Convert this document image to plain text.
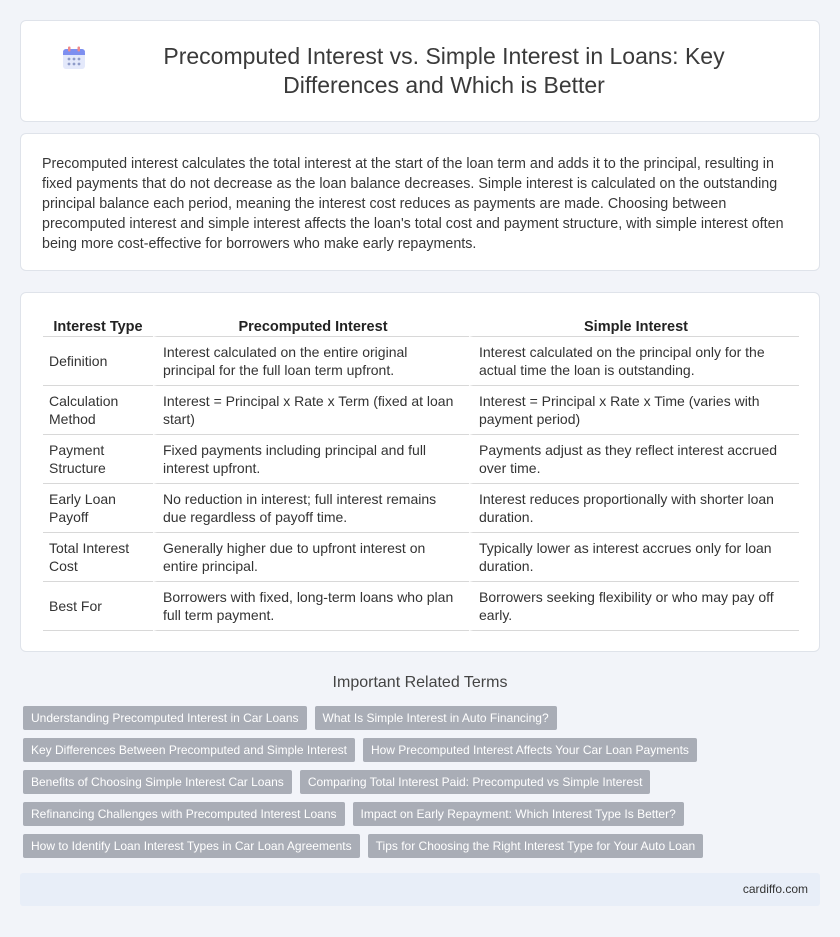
Precomputed Interest vs. Simple Interest in Loans: Key Differences and Which is Better

Precomputed interest calculates the total interest at the start of the loan term and adds it to the principal, resulting in fixed payments that do not decrease as the loan balance decreases. Simple interest is calculated on the outstanding principal balance each period, meaning the interest cost reduces as payments are made. Choosing between precomputed interest and simple interest affects the loan's total cost and payment structure, with simple interest often being more cost-effective for borrowers who make early repayments.

Interest Type	Precomputed Interest	Simple Interest
Definition	Interest calculated on the entire original principal for the full loan term upfront.	Interest calculated on the principal only for the actual time the loan is outstanding.
Calculation Method	Interest = Principal x Rate x Term (fixed at loan start)	Interest = Principal x Rate x Time (varies with payment period)
Payment Structure	Fixed payments including principal and full interest upfront.	Payments adjust as they reflect interest accrued over time.
Early Loan Payoff	No reduction in interest; full interest remains due regardless of payoff time.	Interest reduces proportionally with shorter loan duration.
Total Interest Cost	Generally higher due to upfront interest on entire principal.	Typically lower as interest accrues only for loan duration.
Best For	Borrowers with fixed, long-term loans who plan full term payment.	Borrowers seeking flexibility or who may pay off early.
Important Related Terms
Understanding Precomputed Interest in Car Loans	What Is Simple Interest in Auto Financing?
Key Differences Between Precomputed and Simple Interest	How Precomputed Interest Affects Your Car Loan Payments
Benefits of Choosing Simple Interest Car Loans	Comparing Total Interest Paid: Precomputed vs Simple Interest
Refinancing Challenges with Precomputed Interest Loans	Impact on Early Repayment: Which Interest Type Is Better?
How to Identify Loan Interest Types in Car Loan Agreements	Tips for Choosing the Right Interest Type for Your Auto Loan
cardiffo.com
